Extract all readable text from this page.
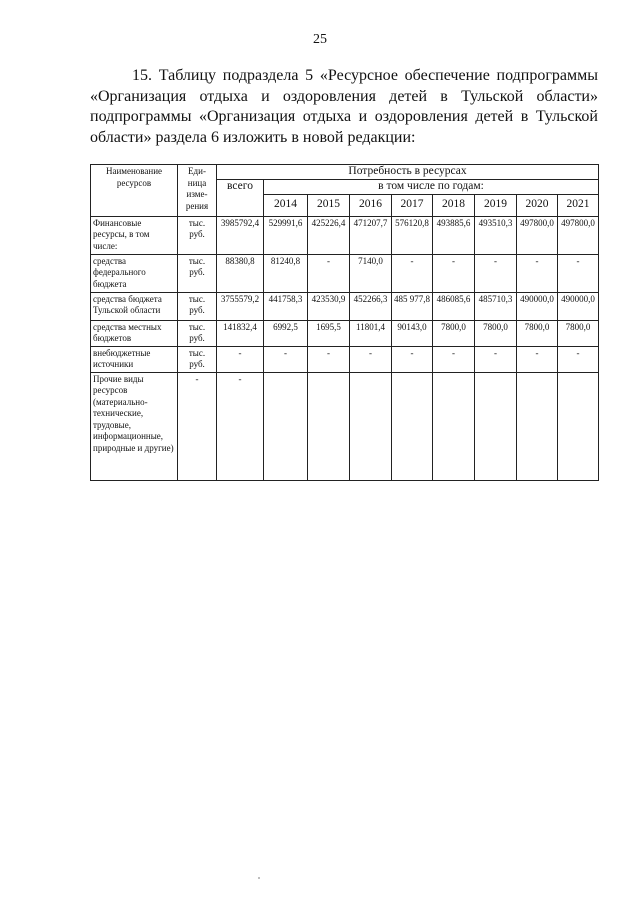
25
15. Таблицу подраздела 5 «Ресурсное обеспечение подпрограммы
«Организация отдыха и оздоровления детей в Тульской области»
подпрограммы «Организация отдыха и оздоровления детей в Тульской
области» раздела 6 изложить в новой редакции:
Наименование ресурсов	Еди-ница изме-рения	Потребность в ресурсах								
		всего	в том числе по годам:							
			2014	2015	2016	2017	2018	2019	2020	2021
Финансовые ресурсы, в том числе:	тыс. руб.	3985792,4	529991,6	425226,4	471207,7	576120,8	493885,6	493510,3	497800,0	497800,0
средства федерального бюджета	тыс. руб.	88380,8	81240,8	-	7140,0	-	-	-	-	-
средства бюджета Тульской области	тыс. руб.	3755579,2	441758,3	423530,9	452266,3	485 977,8	486085,6	485710,3	490000,0	490000,0
средства местных бюджетов	тыс. руб.	141832,4	6992,5	1695,5	11801,4	90143,0	7800,0	7800,0	7800,0	7800,0
внебюджетные источники	тыс. руб.	-	-	-	-	-	-	-	-	-
Прочие виды ресурсов (материально-технические, трудовые, информационные, природные и другие)	-	-								
